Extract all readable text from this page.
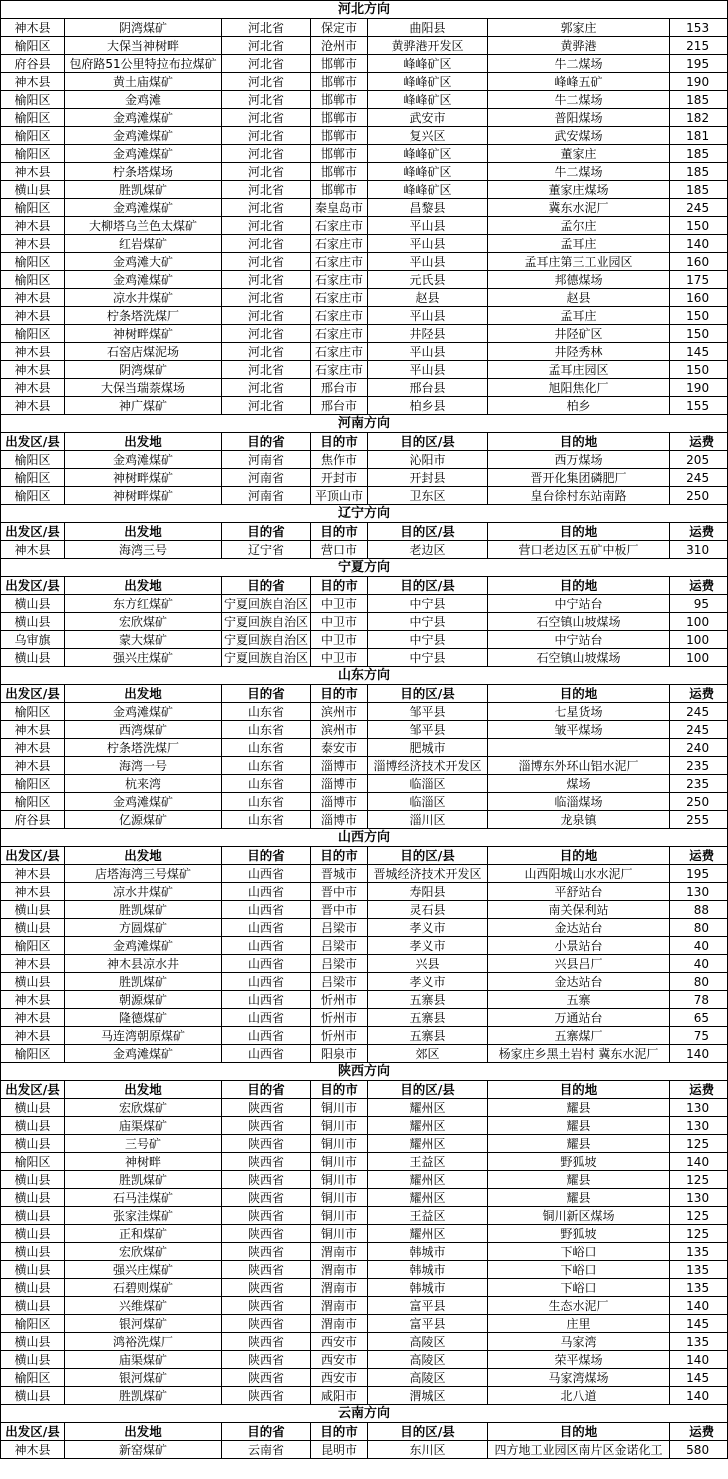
河北方向						
神木县	阴湾煤矿	河北省	保定市	曲阳县	郭家庄	153
榆阳区	大保当神树畔	河北省	沧州市	黄骅港开发区	黄骅港	215
府谷县	包府路51公里特拉布拉煤矿	河北省	邯郸市	峰峰矿区	牛二煤场	195
神木县	黄土庙煤矿	河北省	邯郸市	峰峰矿区	峰峰五矿	190
榆阳区	金鸡滩	河北省	邯郸市	峰峰矿区	牛二煤场	185
榆阳区	金鸡滩煤矿	河北省	邯郸市	武安市	普阳煤场	182
榆阳区	金鸡滩煤矿	河北省	邯郸市	复兴区	武安煤场	181
榆阳区	金鸡滩煤矿	河北省	邯郸市	峰峰矿区	董家庄	185
神木县	柠条塔煤场	河北省	邯郸市	峰峰矿区	牛二煤场	185
横山县	胜凯煤矿	河北省	邯郸市	峰峰矿区	董家庄煤场	185
榆阳区	金鸡滩煤矿	河北省	秦皇岛市	昌黎县	冀东水泥厂	245
神木县	大柳塔乌兰色太煤矿	河北省	石家庄市	平山县	孟尔庄	150
神木县	红岩煤矿	河北省	石家庄市	平山县	孟耳庄	140
榆阳区	金鸡滩大矿	河北省	石家庄市	平山县	孟耳庄第三工业园区	160
榆阳区	金鸡滩煤矿	河北省	石家庄市	元氏县	邦德煤场	175
神木县	凉水井煤矿	河北省	石家庄市	赵县	赵县	160
神木县	柠条塔洗煤厂	河北省	石家庄市	平山县	孟耳庄	150
榆阳区	神树畔煤矿	河北省	石家庄市	井陉县	井陉矿区	150
神木县	石窑店煤泥场	河北省	石家庄市	平山县	井陉秀林	145
神木县	阴湾煤矿	河北省	石家庄市	平山县	孟耳庄园区	150
神木县	大保当瑞萘煤场	河北省	邢台市	邢台县	旭阳焦化厂	190
神木县	神广煤矿	河北省	邢台市	柏乡县	柏乡	155
河南方向						
出发区/县	出发地	目的省	目的市	目的区/县	目的地	运费
榆阳区	金鸡滩煤矿	河南省	焦作市	沁阳市	西万煤场	205
榆阳区	神树畔煤矿	河南省	开封市	开封县	晋开化集团磷肥厂	245
榆阳区	神树畔煤矿	河南省	平顶山市	卫东区	皇台徐村东站南路	250
辽宁方向						
出发区/县	出发地	目的省	目的市	目的区/县	目的地	运费
神木县	海湾三号	辽宁省	营口市	老边区	营口老边区五矿中板厂	310
宁夏方向						
出发区/县	出发地	目的省	目的市	目的区/县	目的地	运费
横山县	东方红煤矿	宁夏回族自治区	中卫市	中宁县	中宁站台	95
横山县	宏欣煤矿	宁夏回族自治区	中卫市	中宁县	石空镇山坡煤场	100
乌审旗	蒙大煤矿	宁夏回族自治区	中卫市	中宁县	中宁站台	100
横山县	强兴庄煤矿	宁夏回族自治区	中卫市	中宁县	石空镇山坡煤场	100
山东方向						
出发区/县	出发地	目的省	目的市	目的区/县	目的地	运费
榆阳区	金鸡滩煤矿	山东省	滨州市	邹平县	七星货场	245
神木县	西湾煤矿	山东省	滨州市	邹平县	皱平煤场	245
神木县	柠条塔洗煤厂	山东省	泰安市	肥城市		240
神木县	海湾一号	山东省	淄博市	淄博经济技术开发区	淄博东外环山铝水泥厂	235
榆阳区	杭来湾	山东省	淄博市	临淄区	煤场	235
榆阳区	金鸡滩煤矿	山东省	淄博市	临淄区	临淄煤场	250
府谷县	亿源煤矿	山东省	淄博市	淄川区	龙泉镇	255
山西方向						
出发区/县	出发地	目的省	目的市	目的区/县	目的地	运费
神木县	店塔海湾三号煤矿	山西省	晋城市	晋城经济技术开发区	山西阳城山水水泥厂	195
神木县	凉水井煤矿	山西省	晋中市	寿阳县	平舒站台	130
横山县	胜凯煤矿	山西省	晋中市	灵石县	南关保利站	88
横山县	方圆煤矿	山西省	吕梁市	孝义市	金达站台	80
榆阳区	金鸡滩煤矿	山西省	吕梁市	孝义市	小景站台	40
神木县	神木县凉水井	山西省	吕梁市	兴县	兴县吕厂	40
横山县	胜凯煤矿	山西省	吕梁市	孝义市	金达站台	80
神木县	朝源煤矿	山西省	忻州市	五寨县	五寨	78
神木县	隆德煤矿	山西省	忻州市	五寨县	万通站台	65
神木县	马连湾朝原煤矿	山西省	忻州市	五寨县	五寨煤厂	75
榆阳区	金鸡滩煤矿	山西省	阳泉市	郊区	杨家庄乡黑土岩村 冀东水泥厂	140
陕西方向						
出发区/县	出发地	目的省	目的市	目的区/县	目的地	运费
横山县	宏欣煤矿	陕西省	铜川市	耀州区	耀县	130
横山县	庙渠煤矿	陕西省	铜川市	耀州区	耀县	130
横山县	三号矿	陕西省	铜川市	耀州区	耀县	125
榆阳区	神树畔	陕西省	铜川市	王益区	野狐坡	140
横山县	胜凯煤矿	陕西省	铜川市	耀州区	耀县	125
横山县	石马洼煤矿	陕西省	铜川市	耀州区	耀县	130
横山县	张家洼煤矿	陕西省	铜川市	王益区	铜川新区煤场	125
横山县	正和煤矿	陕西省	铜川市	耀州区	野狐坡	125
横山县	宏欣煤矿	陕西省	渭南市	韩城市	下峪口	135
横山县	强兴庄煤矿	陕西省	渭南市	韩城市	下峪口	135
横山县	石碧则煤矿	陕西省	渭南市	韩城市	下峪口	135
横山县	兴维煤矿	陕西省	渭南市	富平县	生态水泥厂	140
榆阳区	银河煤矿	陕西省	渭南市	富平县	庄里	145
横山县	鸿裕洗煤厂	陕西省	西安市	高陵区	马家湾	135
横山县	庙渠煤矿	陕西省	西安市	高陵区	荣平煤场	140
榆阳区	银河煤矿	陕西省	西安市	高陵区	马家湾煤场	145
横山县	胜凯煤矿	陕西省	咸阳市	渭城区	北八道	140
云南方向						
出发区/县	出发地	目的省	目的市	目的区/县	目的地	运费
神木县	新窑煤矿	云南省	昆明市	东川区	四方地工业园区南片区金诺化工	580
